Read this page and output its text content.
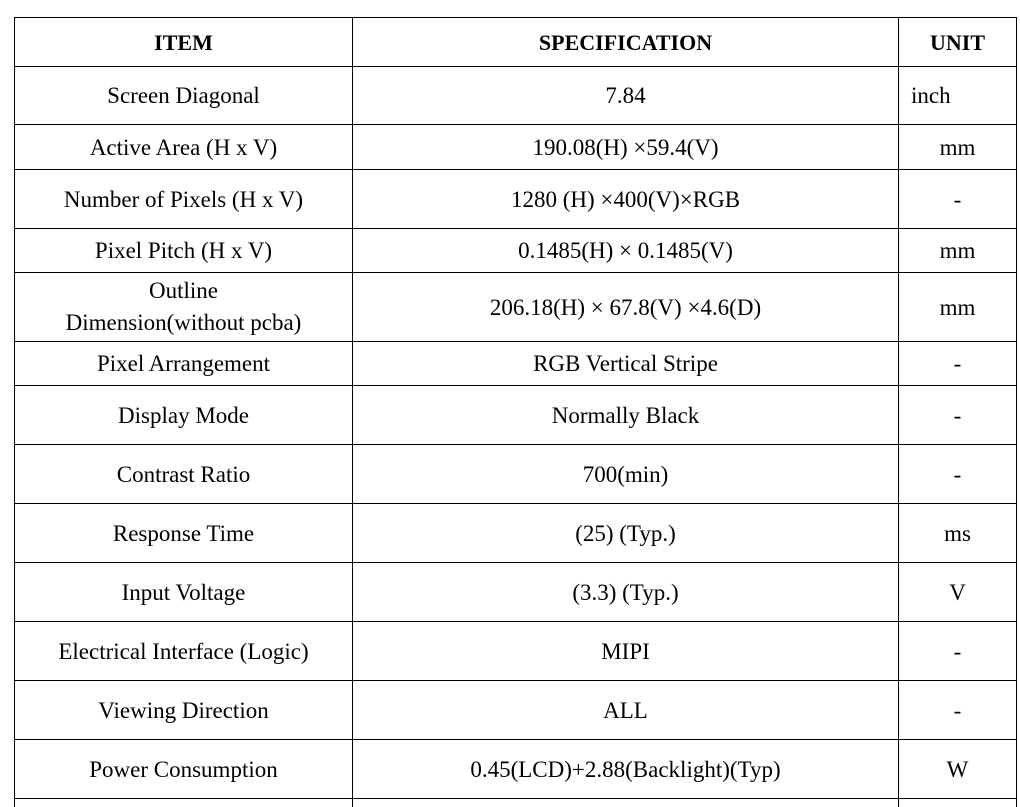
ITEM	SPECIFICATION	UNIT
Screen Diagonal	7.84	inch
Active Area (H x V)	190.08(H) ×59.4(V)	mm
Number of Pixels (H x V)	1280 (H) ×400(V)×RGB	-
Pixel Pitch (H x V)	0.1485(H) × 0.1485(V)	mm

Outline
Dimension(without pcba)	206.18(H) × 67.8(V) ×4.6(D)	mm
Pixel Arrangement	RGB Vertical Stripe	-
Display Mode	Normally Black	-
Contrast Ratio	700(min)	-
Response Time	(25) (Typ.)	ms
Input Voltage	(3.3) (Typ.)	V
Electrical Interface (Logic)	MIPI	-
Viewing Direction	ALL	-
Power Consumption	0.45(LCD)+2.88(Backlight)(Typ)	W
